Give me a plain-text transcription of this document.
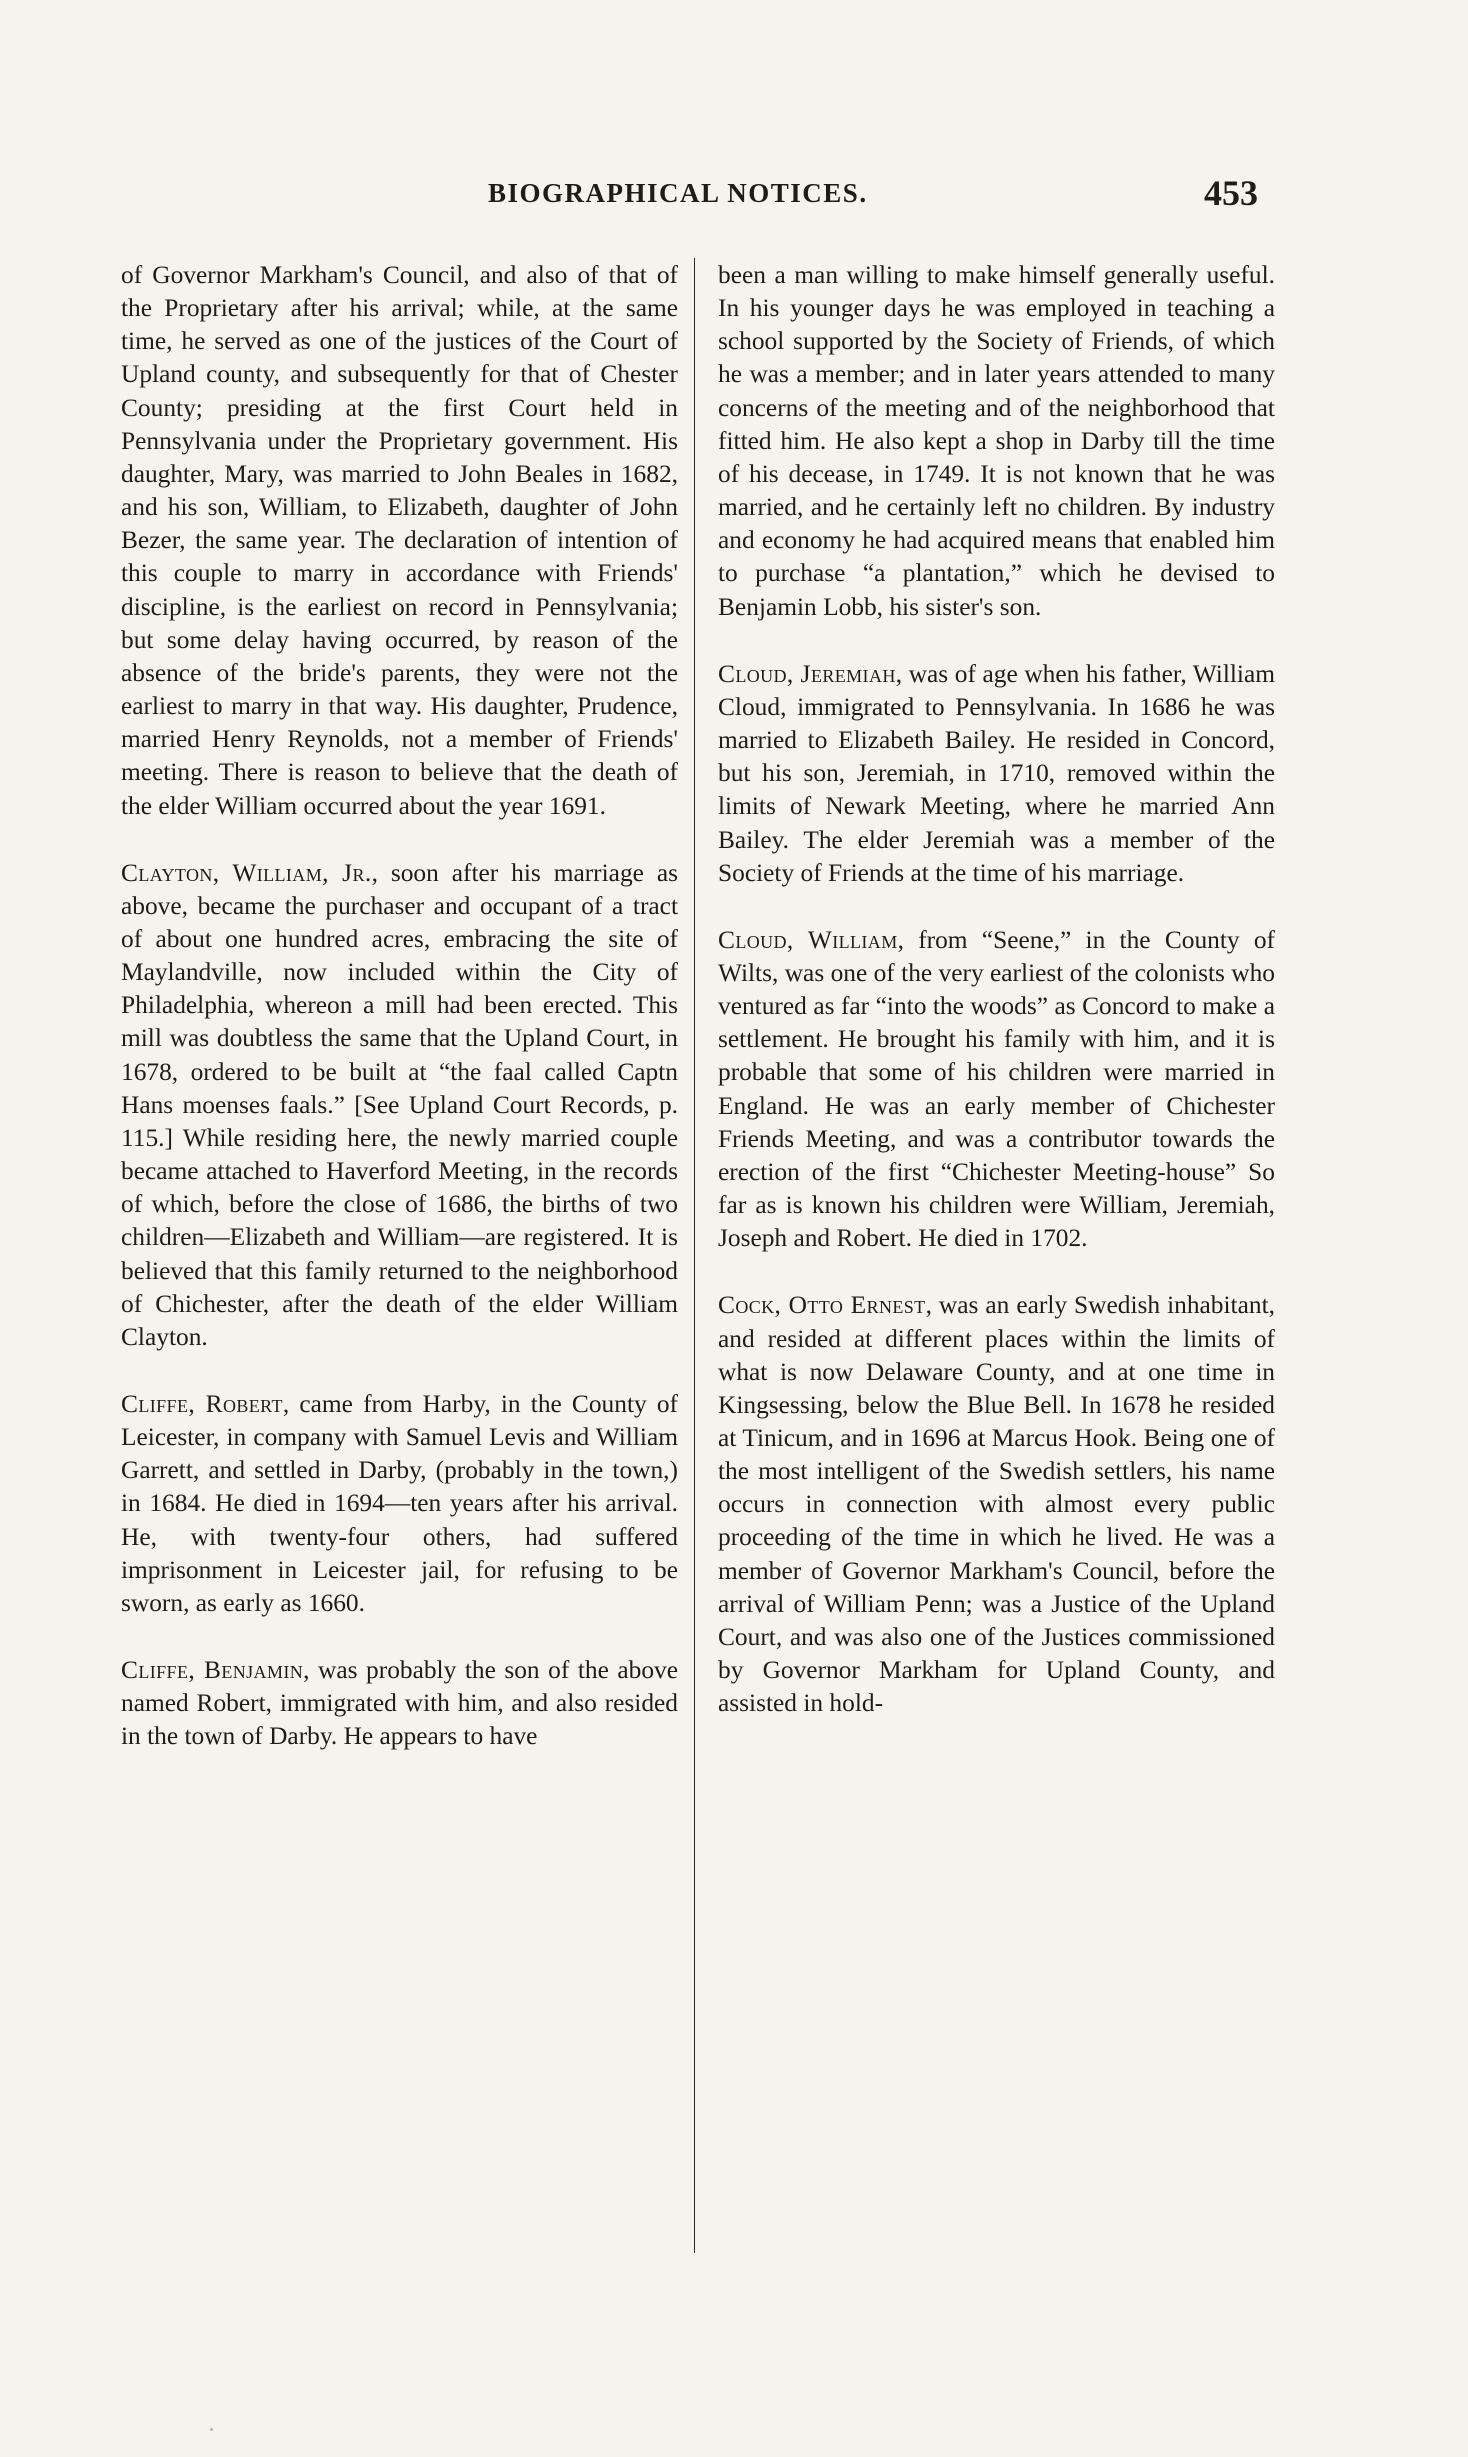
BIOGRAPHICAL NOTICES.	453

of Governor Markham's Council, and also of that of the Proprietary after his arrival; while, at the same time, he served as one of the justices of the Court of Upland county, and subsequently for that of Chester County; presiding at the first Court held in Pennsylvania under the Proprietary government. His daughter, Mary, was married to John Beales in 1682, and his son, William, to Elizabeth, daughter of John Bezer, the same year. The declaration of intention of this couple to marry in accordance with Friends' discipline, is the earliest on record in Pennsylvania; but some delay having occurred, by reason of the absence of the bride's parents, they were not the earliest to marry in that way. His daughter, Prudence, married Henry Reynolds, not a member of Friends' meeting. There is reason to believe that the death of the elder William occurred about the year 1691.

Clayton, William, Jr., soon after his marriage as above, became the purchaser and occupant of a tract of about one hundred acres, embracing the site of Maylandville, now included within the City of Philadelphia, whereon a mill had been erected. This mill was doubtless the same that the Upland Court, in 1678, ordered to be built at “the faal called Captn Hans moenses faals.” [See Upland Court Records, p. 115.] While residing here, the newly married couple became attached to Haverford Meeting, in the records of which, before the close of 1686, the births of two children—Elizabeth and William—are registered. It is believed that this family returned to the neighborhood of Chichester, after the death of the elder William Clayton.

Cliffe, Robert, came from Harby, in the County of Leicester, in company with Samuel Levis and William Garrett, and settled in Darby, (probably in the town,) in 1684. He died in 1694—ten years after his arrival. He, with twenty-four others, had suffered imprisonment in Leicester jail, for refusing to be sworn, as early as 1660.

Cliffe, Benjamin, was probably the son of the above named Robert, immigrated with him, and also resided in the town of Darby. He appears to have

been a man willing to make himself generally useful. In his younger days he was employed in teaching a school supported by the Society of Friends, of which he was a member; and in later years attended to many concerns of the meeting and of the neighborhood that fitted him. He also kept a shop in Darby till the time of his decease, in 1749. It is not known that he was married, and he certainly left no children. By industry and economy he had acquired means that enabled him to purchase “a plantation,” which he devised to Benjamin Lobb, his sister's son.

Cloud, Jeremiah, was of age when his father, William Cloud, immigrated to Pennsylvania. In 1686 he was married to Elizabeth Bailey. He resided in Concord, but his son, Jeremiah, in 1710, removed within the limits of Newark Meeting, where he married Ann Bailey. The elder Jeremiah was a member of the Society of Friends at the time of his marriage.

Cloud, William, from “Seene,” in the County of Wilts, was one of the very earliest of the colonists who ventured as far “into the woods” as Concord to make a settlement. He brought his family with him, and it is probable that some of his children were married in England. He was an early member of Chichester Friends Meeting, and was a contributor towards the erection of the first “Chichester Meeting-house” So far as is known his children were William, Jeremiah, Joseph and Robert. He died in 1702.

Cock, Otto Ernest, was an early Swedish inhabitant, and resided at different places within the limits of what is now Delaware County, and at one time in Kingsessing, below the Blue Bell. In 1678 he resided at Tinicum, and in 1696 at Marcus Hook. Being one of the most intelligent of the Swedish settlers, his name occurs in connection with almost every public proceeding of the time in which he lived. He was a member of Governor Markham's Council, before the arrival of William Penn; was a Justice of the Upland Court, and was also one of the Justices commissioned by Governor Markham for Upland County, and assisted in hold-
